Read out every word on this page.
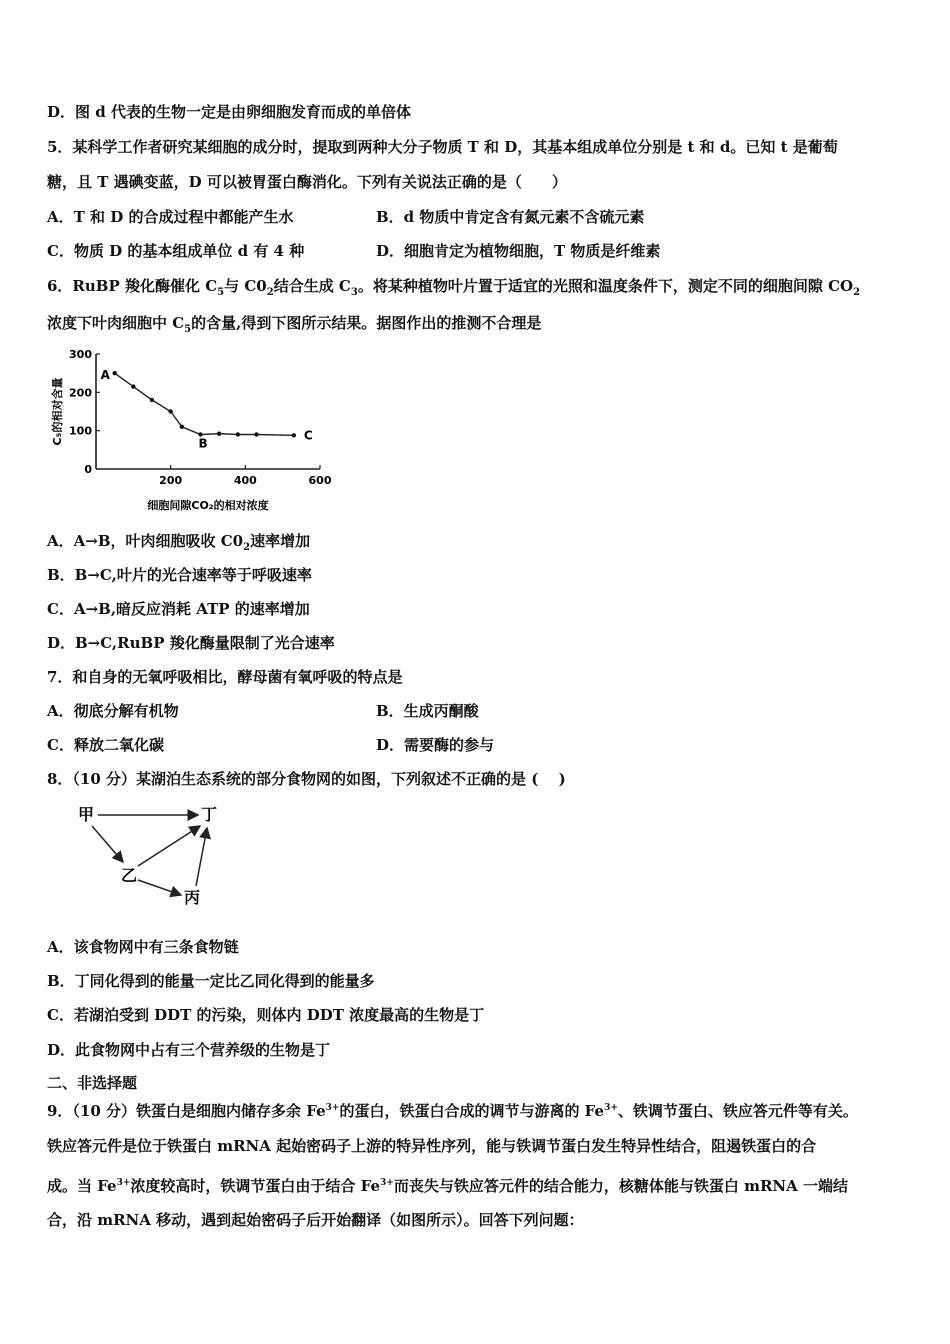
D．图 d 代表的生物一定是由卵细胞发育而成的单倍体
5．某科学工作者研究某细胞的成分时，提取到两种大分子物质 T 和 D，其基本组成单位分别是 t 和 d。已知 t 是葡萄
糖，且 T 遇碘变蓝，D 可以被胃蛋白酶消化。下列有关说法正确的是（　　）
A．T 和 D 的合成过程中都能产生水	B．d 物质中肯定含有氮元素不含硫元素
C．物质 D 的基本组成单位 d 有 4 种	D．细胞肯定为植物细胞，T 物质是纤维素
6．RuBP 羧化酶催化 $C_5$与 $C0_2$结合生成 $C_3$。将某种植物叶片置于适宜的光照和温度条件下，测定不同的细胞间隙 $CO_2$
浓度下叶肉细胞中 $C_5$的含量,得到下图所示结果。据图作出的推测不合理是
0
100
200
300
200	400	600
细胞间隙CO₂的相对浓度
C₅的相对含量
A
B
C
A．A→B，叶肉细胞吸收 $C0_2$速率增加
B．B→C,叶片的光合速率等于呼吸速率
C．A→B,暗反应消耗 ATP 的速率增加
D．B→C,RuBP 羧化酶量限制了光合速率
7．和自身的无氧呼吸相比，酵母菌有氧呼吸的特点是
A．彻底分解有机物	B．生成丙酮酸
C．释放二氧化碳	D．需要酶的参与
8．（10 分）某湖泊生态系统的部分食物网的如图，下列叙述不正确的是 (　 )
甲	丁
乙
丙
A．该食物网中有三条食物链
B．丁同化得到的能量一定比乙同化得到的能量多
C．若湖泊受到 DDT 的污染，则体内 DDT 浓度最高的生物是丁
D．此食物网中占有三个营养级的生物是丁
二、非选择题
9．（10 分）铁蛋白是细胞内储存多余 $Fe^{3+}$的蛋白，铁蛋白合成的调节与游离的 $Fe^{3+}$、铁调节蛋白、铁应答元件等有关。
铁应答元件是位于铁蛋白 mRNA 起始密码子上游的特异性序列，能与铁调节蛋白发生特异性结合，阻遏铁蛋白的合
成。当 $Fe^{3+}$浓度较高时，铁调节蛋白由于结合 $Fe^{3+}$而丧失与铁应答元件的结合能力，核糖体能与铁蛋白 mRNA 一端结
合，沿 mRNA 移动，遇到起始密码子后开始翻译（如图所示）。回答下列问题：
